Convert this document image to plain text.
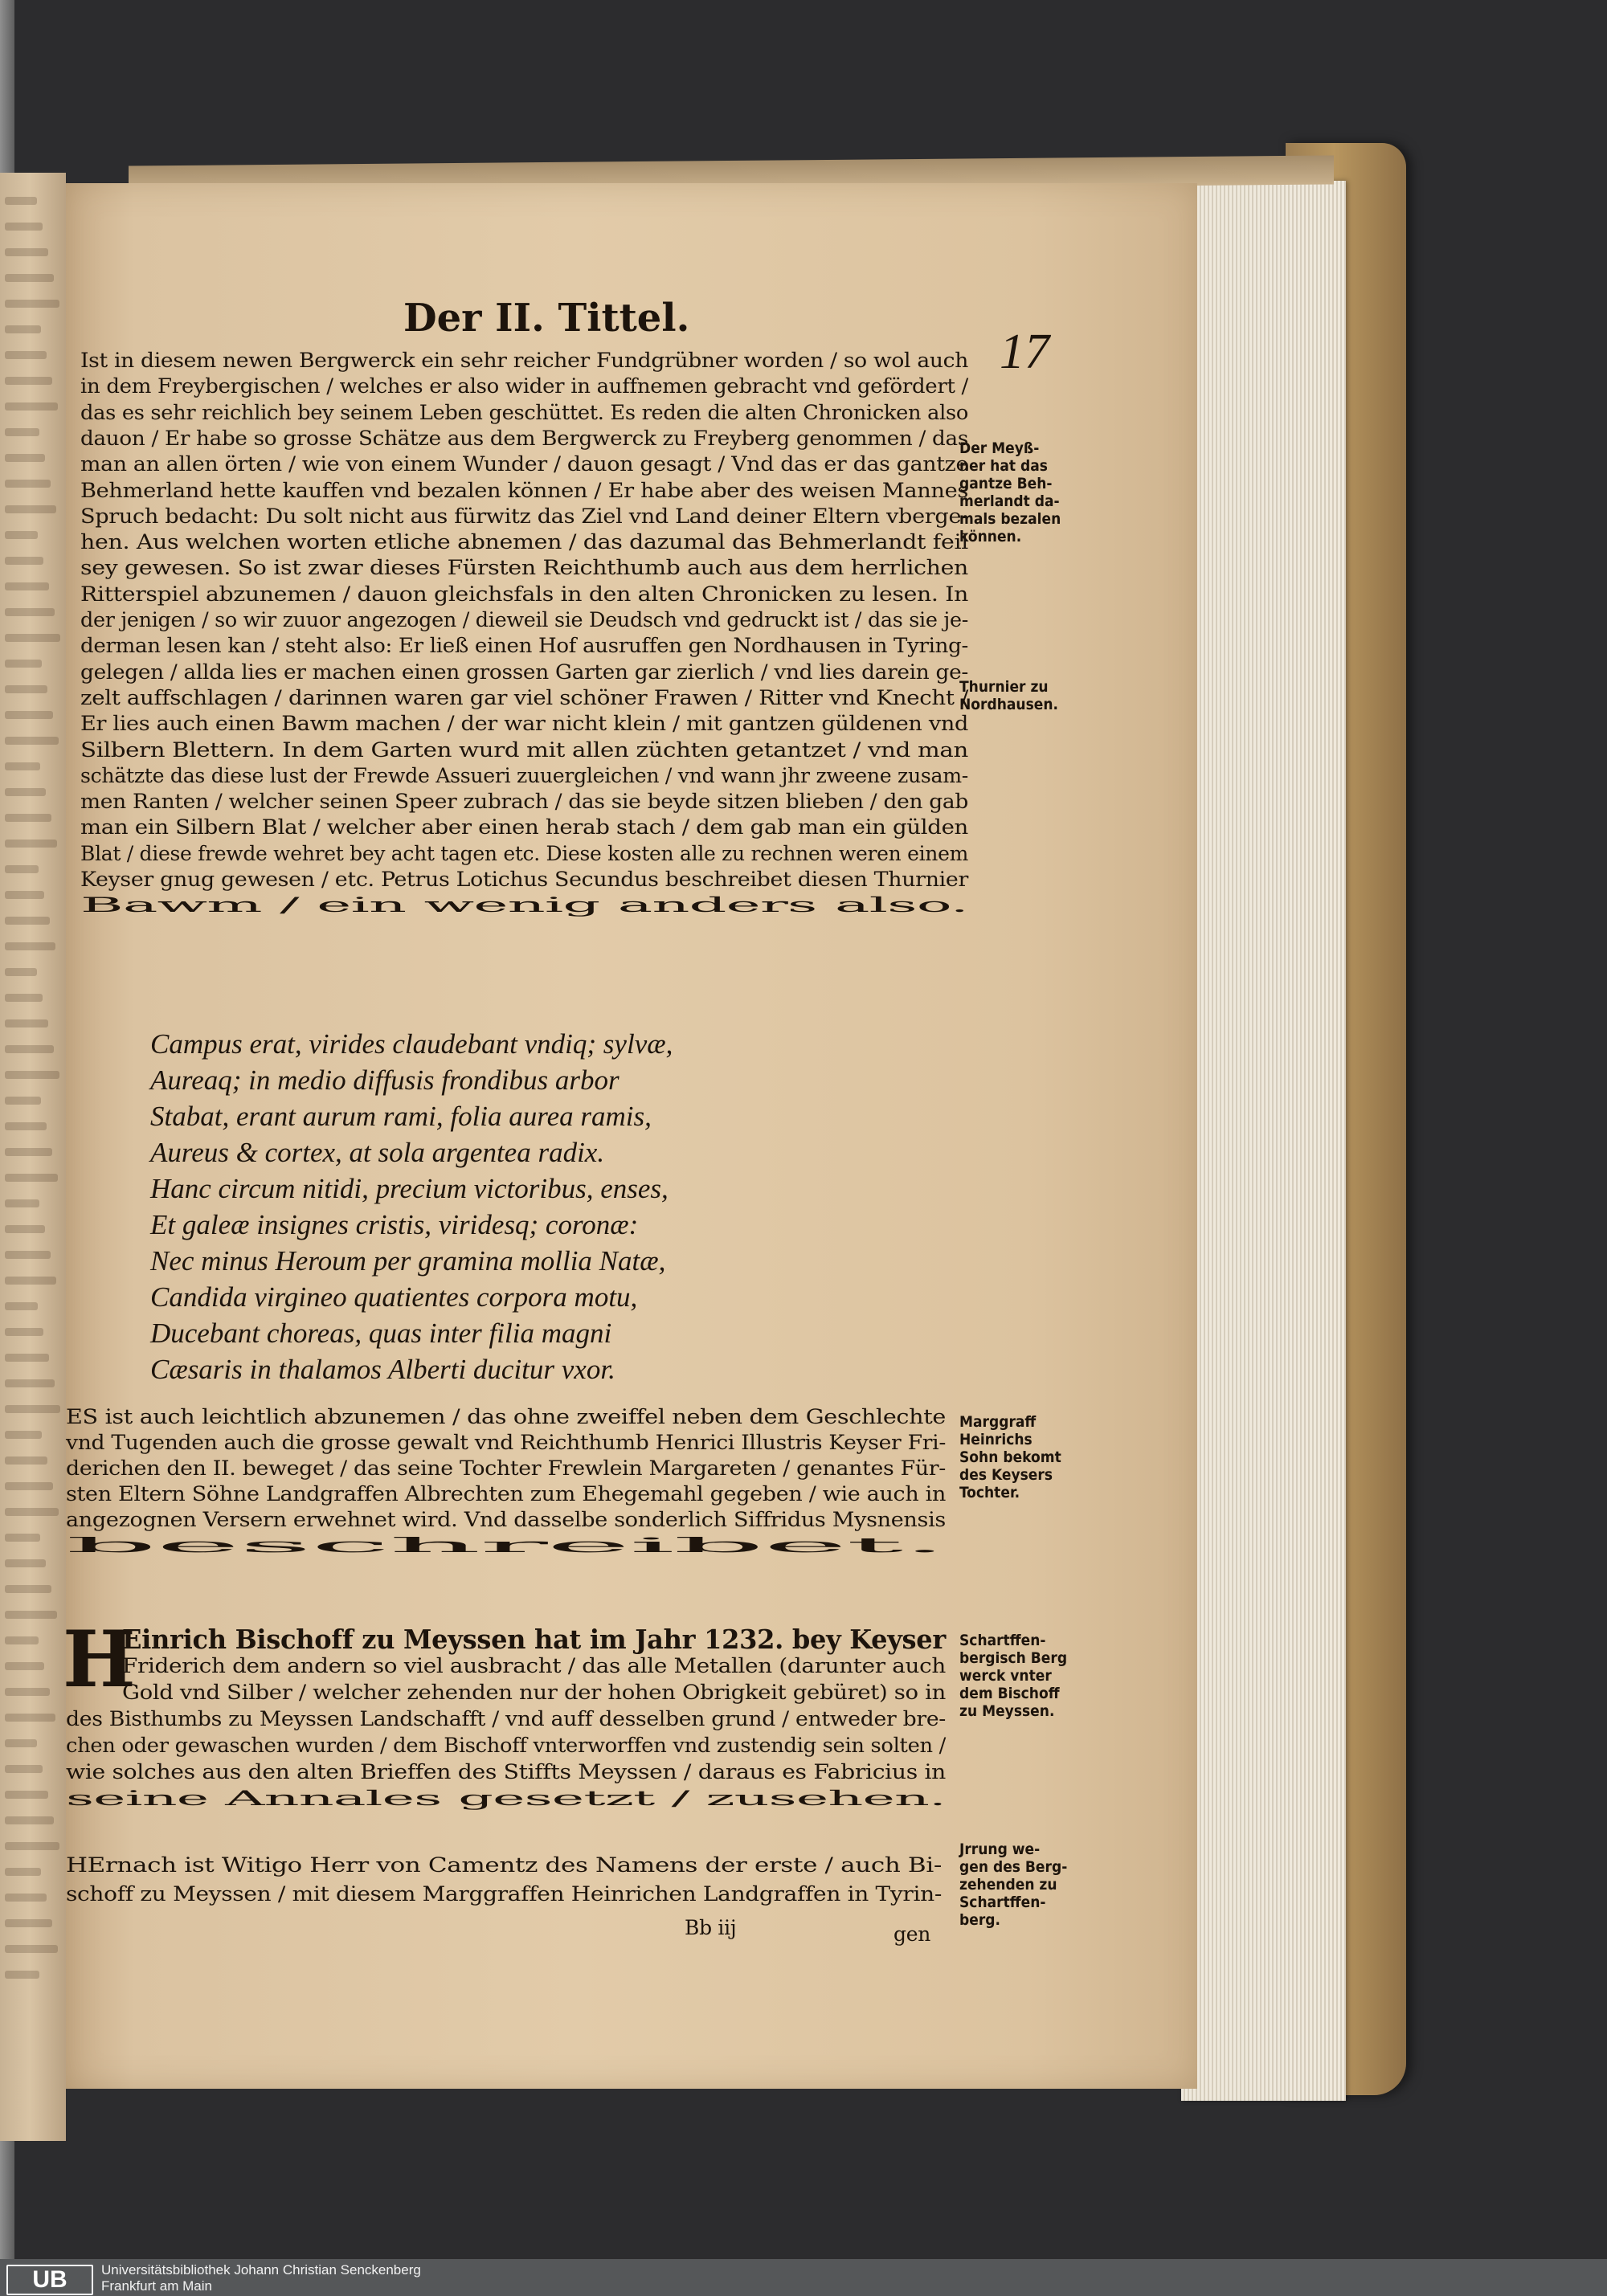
Der II. Tittel.
17
Ist in diesem newen Bergwerck ein sehr reicher Fundgrübner worden / so wol auch
in dem Freybergischen / welches er also wider in auffnemen gebracht vnd gefördert /
das es sehr reichlich bey seinem Leben geschüttet. Es reden die alten Chronicken also
dauon / Er habe so grosse Schätze aus dem Bergwerck zu Freyberg genommen / das
man an allen örten / wie von einem Wunder / dauon gesagt / Vnd das er das gantze
Behmerland hette kauffen vnd bezalen können / Er habe aber des weisen Mannes
Spruch bedacht: Du solt nicht aus fürwitz das Ziel vnd Land deiner Eltern vberge-
hen. Aus welchen worten etliche abnemen / das dazumal das Behmerlandt feil
sey gewesen. So ist zwar dieses Fürsten Reichthumb auch aus dem herrlichen
Ritterspiel abzunemen / dauon gleichsfals in den alten Chronicken zu lesen. In
der jenigen / so wir zuuor angezogen / dieweil sie Deudsch vnd gedruckt ist / das sie je-
derman lesen kan / steht also: Er ließ einen Hof ausruffen gen Nordhausen in Tyring-
gelegen / allda lies er machen einen grossen Garten gar zierlich / vnd lies darein ge-
zelt auffschlagen / darinnen waren gar viel schöner Frawen / Ritter vnd Knecht /
Er lies auch einen Bawm machen / der war nicht klein / mit gantzen güldenen vnd
Silbern Blettern. In dem Garten wurd mit allen züchten getantzet / vnd man
schätzte das diese lust der Frewde Assueri zuuergleichen / vnd wann jhr zweene zusam-
men Ranten / welcher seinen Speer zubrach / das sie beyde sitzen blieben / den gab
man ein Silbern Blat / welcher aber einen herab stach / dem gab man ein gülden
Blat / diese frewde wehret bey acht tagen etc. Diese kosten alle zu rechnen weren einem
Keyser gnug gewesen / etc. Petrus Lotichus Secundus beschreibet diesen Thurnier
Bawm / ein wenig anders also.
Campus erat, virides claudebant vndiq; sylvæ,
Aureaq; in medio diffusis frondibus arbor
Stabat, erant aurum rami, folia aurea ramis,
Aureus & cortex, at sola argentea radix.
Hanc circum nitidi, precium victoribus, enses,
Et galeæ insignes cristis, viridesq; coronæ:
Nec minus Heroum per gramina mollia Natæ,
Candida virgineo quatientes corpora motu,
Ducebant choreas, quas inter filia magni
Cæsaris in thalamos Alberti ducitur vxor.
ES ist auch leichtlich abzunemen / das ohne zweiffel neben dem Geschlechte
vnd Tugenden auch die grosse gewalt vnd Reichthumb Henrici Illustris Keyser Fri-
derichen den II. beweget / das seine Tochter Frewlein Margareten / genantes Für-
sten Eltern Söhne Landgraffen Albrechten zum Ehegemahl gegeben / wie auch in
angezognen Versern erwehnet wird. Vnd dasselbe sonderlich Siffridus Mysnensis
beschreibet.
H
Einrich Bischoff zu Meyssen hat im Jahr 1232. bey Keyser
Friderich dem andern so viel ausbracht / das alle Metallen (darunter auch
Gold vnd Silber / welcher zehenden nur der hohen Obrigkeit gebüret) so in
des Bisthumbs zu Meyssen Landschafft / vnd auff desselben grund / entweder bre-
chen oder gewaschen wurden / dem Bischoff vnterworffen vnd zustendig sein solten /
wie solches aus den alten Brieffen des Stiffts Meyssen / daraus es Fabricius in
seine Annales gesetzt / zusehen.
HErnach ist Witigo Herr von Camentz des Namens der erste / auch Bi-
schoff zu Meyssen / mit diesem Marggraffen Heinrichen Landgraffen in Tyrin-
Bb iij	gen
Der Meyß-
ner hat das
gantze Beh-
merlandt da-
mals bezalen
können.
Thurnier zu
Nordhausen.
Marggraff
Heinrichs
Sohn bekomt
des Keysers
Tochter.
Schartffen-
bergisch Berg
werck vnter
dem Bischoff
zu Meyssen.
Jrrung we-
gen des Berg-
zehenden zu
Schartffen-
berg.
UB	Universitätsbibliothek Johann Christian Senckenberg
Frankfurt am Main
